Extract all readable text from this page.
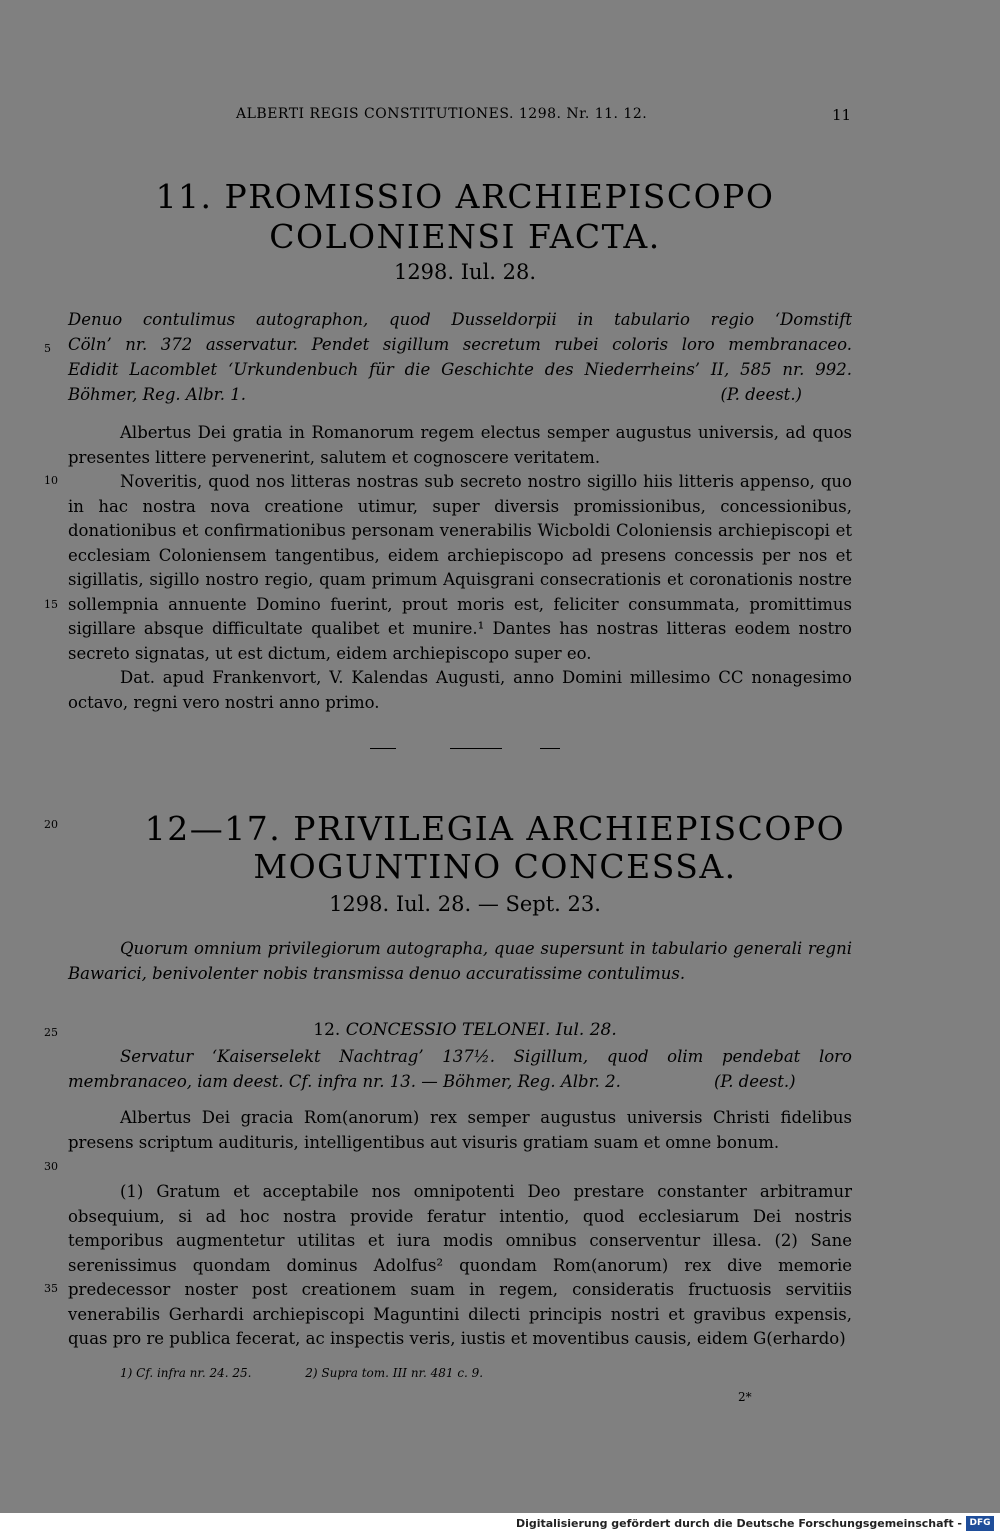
ALBERTI REGIS CONSTITUTIONES. 1298. Nr. 11. 12.	11
11. PROMISSIO ARCHIEPISCOPO
COLONIENSI FACTA.
1298. Iul. 28.
Denuo contulimus autographon, quod Dusseldorpii in tabulario regio ‘Domstift
Cöln’ nr. 372 asservatur. Pendet sigillum secretum rubei coloris loro membranaceo.
Edidit Lacomblet ‘Urkundenbuch für die Geschichte des Niederrheins’ II, 585 nr. 992.
Böhmer, Reg. Albr. 1.	(P. deest.)
5
10
15

Albertus Dei gratia in Romanorum regem electus semper augustus universis, ad quos presentes littere pervenerint, salutem et cognoscere veritatem.

Noveritis, quod nos litteras nostras sub secreto nostro sigillo hiis litteris appenso, quo in hac nostra nova creatione utimur, super diversis promissionibus, concessionibus, donationibus et confirmationibus personam venerabilis Wicboldi Coloniensis archiepiscopi et ecclesiam Coloniensem tangentibus, eidem archiepiscopo ad presens concessis per nos et sigillatis, sigillo nostro regio, quam primum Aquisgrani consecrationis et coronationis nostre sollempnia annuente Domino fuerint, prout moris est, feliciter consummata, promittimus sigillare absque difficultate qualibet et munire.¹ Dantes has nostras litteras eodem nostro secreto signatas, ut est dictum, eidem archiepiscopo super eo.

Dat. apud Frankenvort, V. Kalendas Augusti, anno Domini millesimo CC nonagesimo octavo, regni vero nostri anno primo.

20	12—17. PRIVILEGIA ARCHIEPISCOPO
MOGUNTINO CONCESSA.
1298. Iul. 28. — Sept. 23.

Quorum omnium privilegiorum autographa, quae supersunt in tabulario generali regni Bawarici, benivolenter nobis transmissa denuo accuratissime contulimus.

25	12. CONCESSIO TELONEI. Iul. 28.

Servatur ‘Kaiserselekt Nachtrag’ 137½. Sigillum, quod olim pendebat loro membranaceo, iam deest. Cf. infra nr. 13. — Böhmer, Reg. Albr. 2.	(P. deest.)
30
35

Albertus Dei gracia Rom(anorum) rex semper augustus universis Christi fidelibus presens scriptum audituris, intelligentibus aut visuris gratiam suam et omne bonum.

(1) Gratum et acceptabile nos omnipotenti Deo prestare constanter arbitramur obsequium, si ad hoc nostra provide feratur intentio, quod ecclesiarum Dei nostris temporibus augmentetur utilitas et iura modis omnibus conserventur illesa. (2) Sane serenissimus quondam dominus Adolfus² quondam Rom(anorum) rex dive memorie predecessor noster post creationem suam in regem, consideratis fructuosis servitiis venerabilis Gerhardi archiepiscopi Maguntini dilecti principis nostri et gravibus expensis, quas pro re publica fecerat, ac inspectis veris, iustis et moventibus causis, eidem G(erhardo)

1) Cf. infra nr. 24. 25.	2) Supra tom. III nr. 481 c. 9.
2*
Digitalisierung gefördert durch die Deutsche Forschungsgemeinschaft - DFG
